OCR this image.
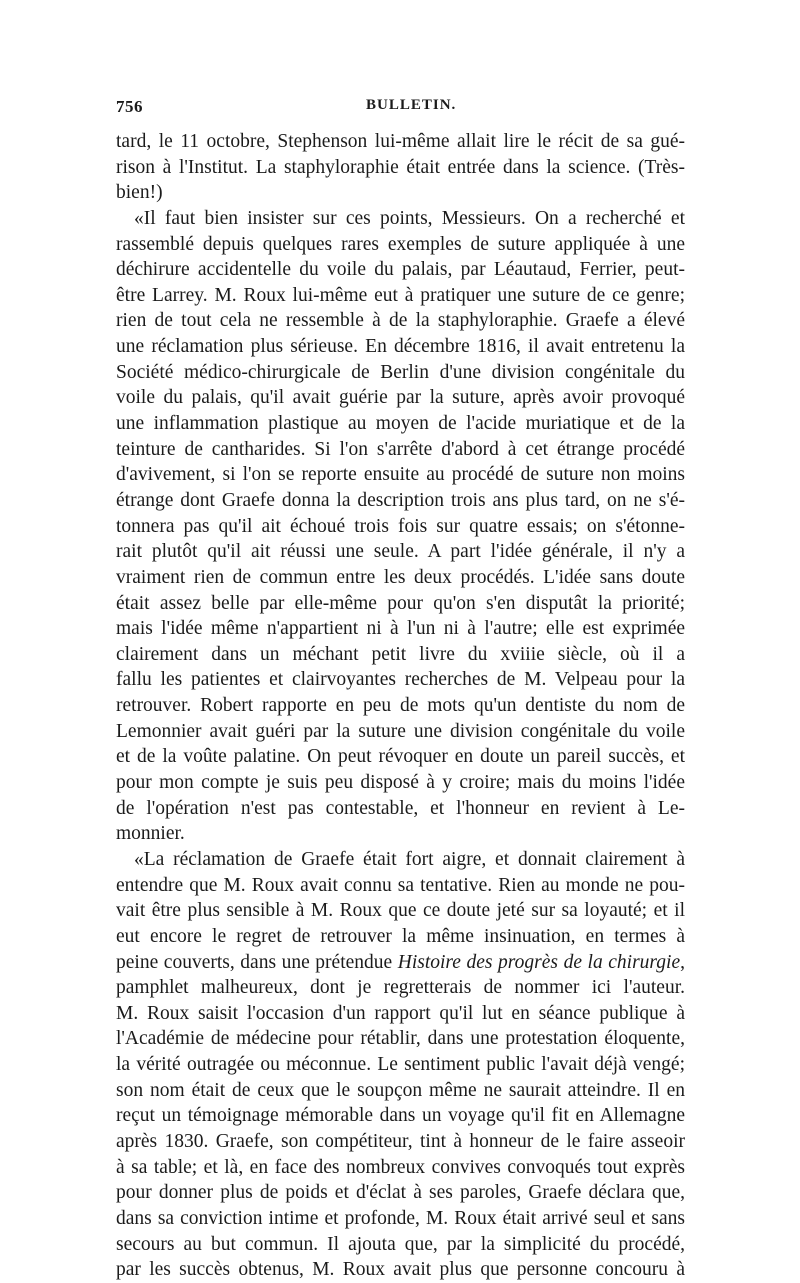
756	BULLETIN.
tard, le 11 octobre, Stephenson lui-même allait lire le récit de sa gué-
rison à l'Institut. La staphyloraphie était entrée dans la science. (Très-
bien!)
«Il faut bien insister sur ces points, Messieurs. On a recherché et
rassemblé depuis quelques rares exemples de suture appliquée à une
déchirure accidentelle du voile du palais, par Léautaud, Ferrier, peut-
être Larrey. M. Roux lui-même eut à pratiquer une suture de ce genre;
rien de tout cela ne ressemble à de la staphyloraphie. Graefe a élevé
une réclamation plus sérieuse. En décembre 1816, il avait entretenu la
Société médico-chirurgicale de Berlin d'une division congénitale du
voile du palais, qu'il avait guérie par la suture, après avoir provoqué
une inflammation plastique au moyen de l'acide muriatique et de la
teinture de cantharides. Si l'on s'arrête d'abord à cet étrange procédé
d'avivement, si l'on se reporte ensuite au procédé de suture non moins
étrange dont Graefe donna la description trois ans plus tard, on ne s'é-
tonnera pas qu'il ait échoué trois fois sur quatre essais; on s'étonne-
rait plutôt qu'il ait réussi une seule. A part l'idée générale, il n'y a
vraiment rien de commun entre les deux procédés. L'idée sans doute
était assez belle par elle-même pour qu'on s'en disputât la priorité;
mais l'idée même n'appartient ni à l'un ni à l'autre; elle est exprimée
clairement dans un méchant petit livre du xviiie siècle, où il a
fallu les patientes et clairvoyantes recherches de M. Velpeau pour la
retrouver. Robert rapporte en peu de mots qu'un dentiste du nom de
Lemonnier avait guéri par la suture une division congénitale du voile
et de la voûte palatine. On peut révoquer en doute un pareil succès, et
pour mon compte je suis peu disposé à y croire; mais du moins l'idée
de l'opération n'est pas contestable, et l'honneur en revient à Le-
monnier.
«La réclamation de Graefe était fort aigre, et donnait clairement à
entendre que M. Roux avait connu sa tentative. Rien au monde ne pou-
vait être plus sensible à M. Roux que ce doute jeté sur sa loyauté; et il
eut encore le regret de retrouver la même insinuation, en termes à
peine couverts, dans une prétendue Histoire des progrès de la chirurgie,
pamphlet malheureux, dont je regretterais de nommer ici l'auteur.
M. Roux saisit l'occasion d'un rapport qu'il lut en séance publique à
l'Académie de médecine pour rétablir, dans une protestation éloquente,
la vérité outragée ou méconnue. Le sentiment public l'avait déjà vengé;
son nom était de ceux que le soupçon même ne saurait atteindre. Il en
reçut un témoignage mémorable dans un voyage qu'il fit en Allemagne
après 1830. Graefe, son compétiteur, tint à honneur de le faire asseoir
à sa table; et là, en face des nombreux convives convoqués tout exprès
pour donner plus de poids et d'éclat à ses paroles, Graefe déclara que,
dans sa conviction intime et profonde, M. Roux était arrivé seul et sans
secours au but commun. Il ajouta que, par la simplicité du procédé,
par les succès obtenus, M. Roux avait plus que personne concouru à
